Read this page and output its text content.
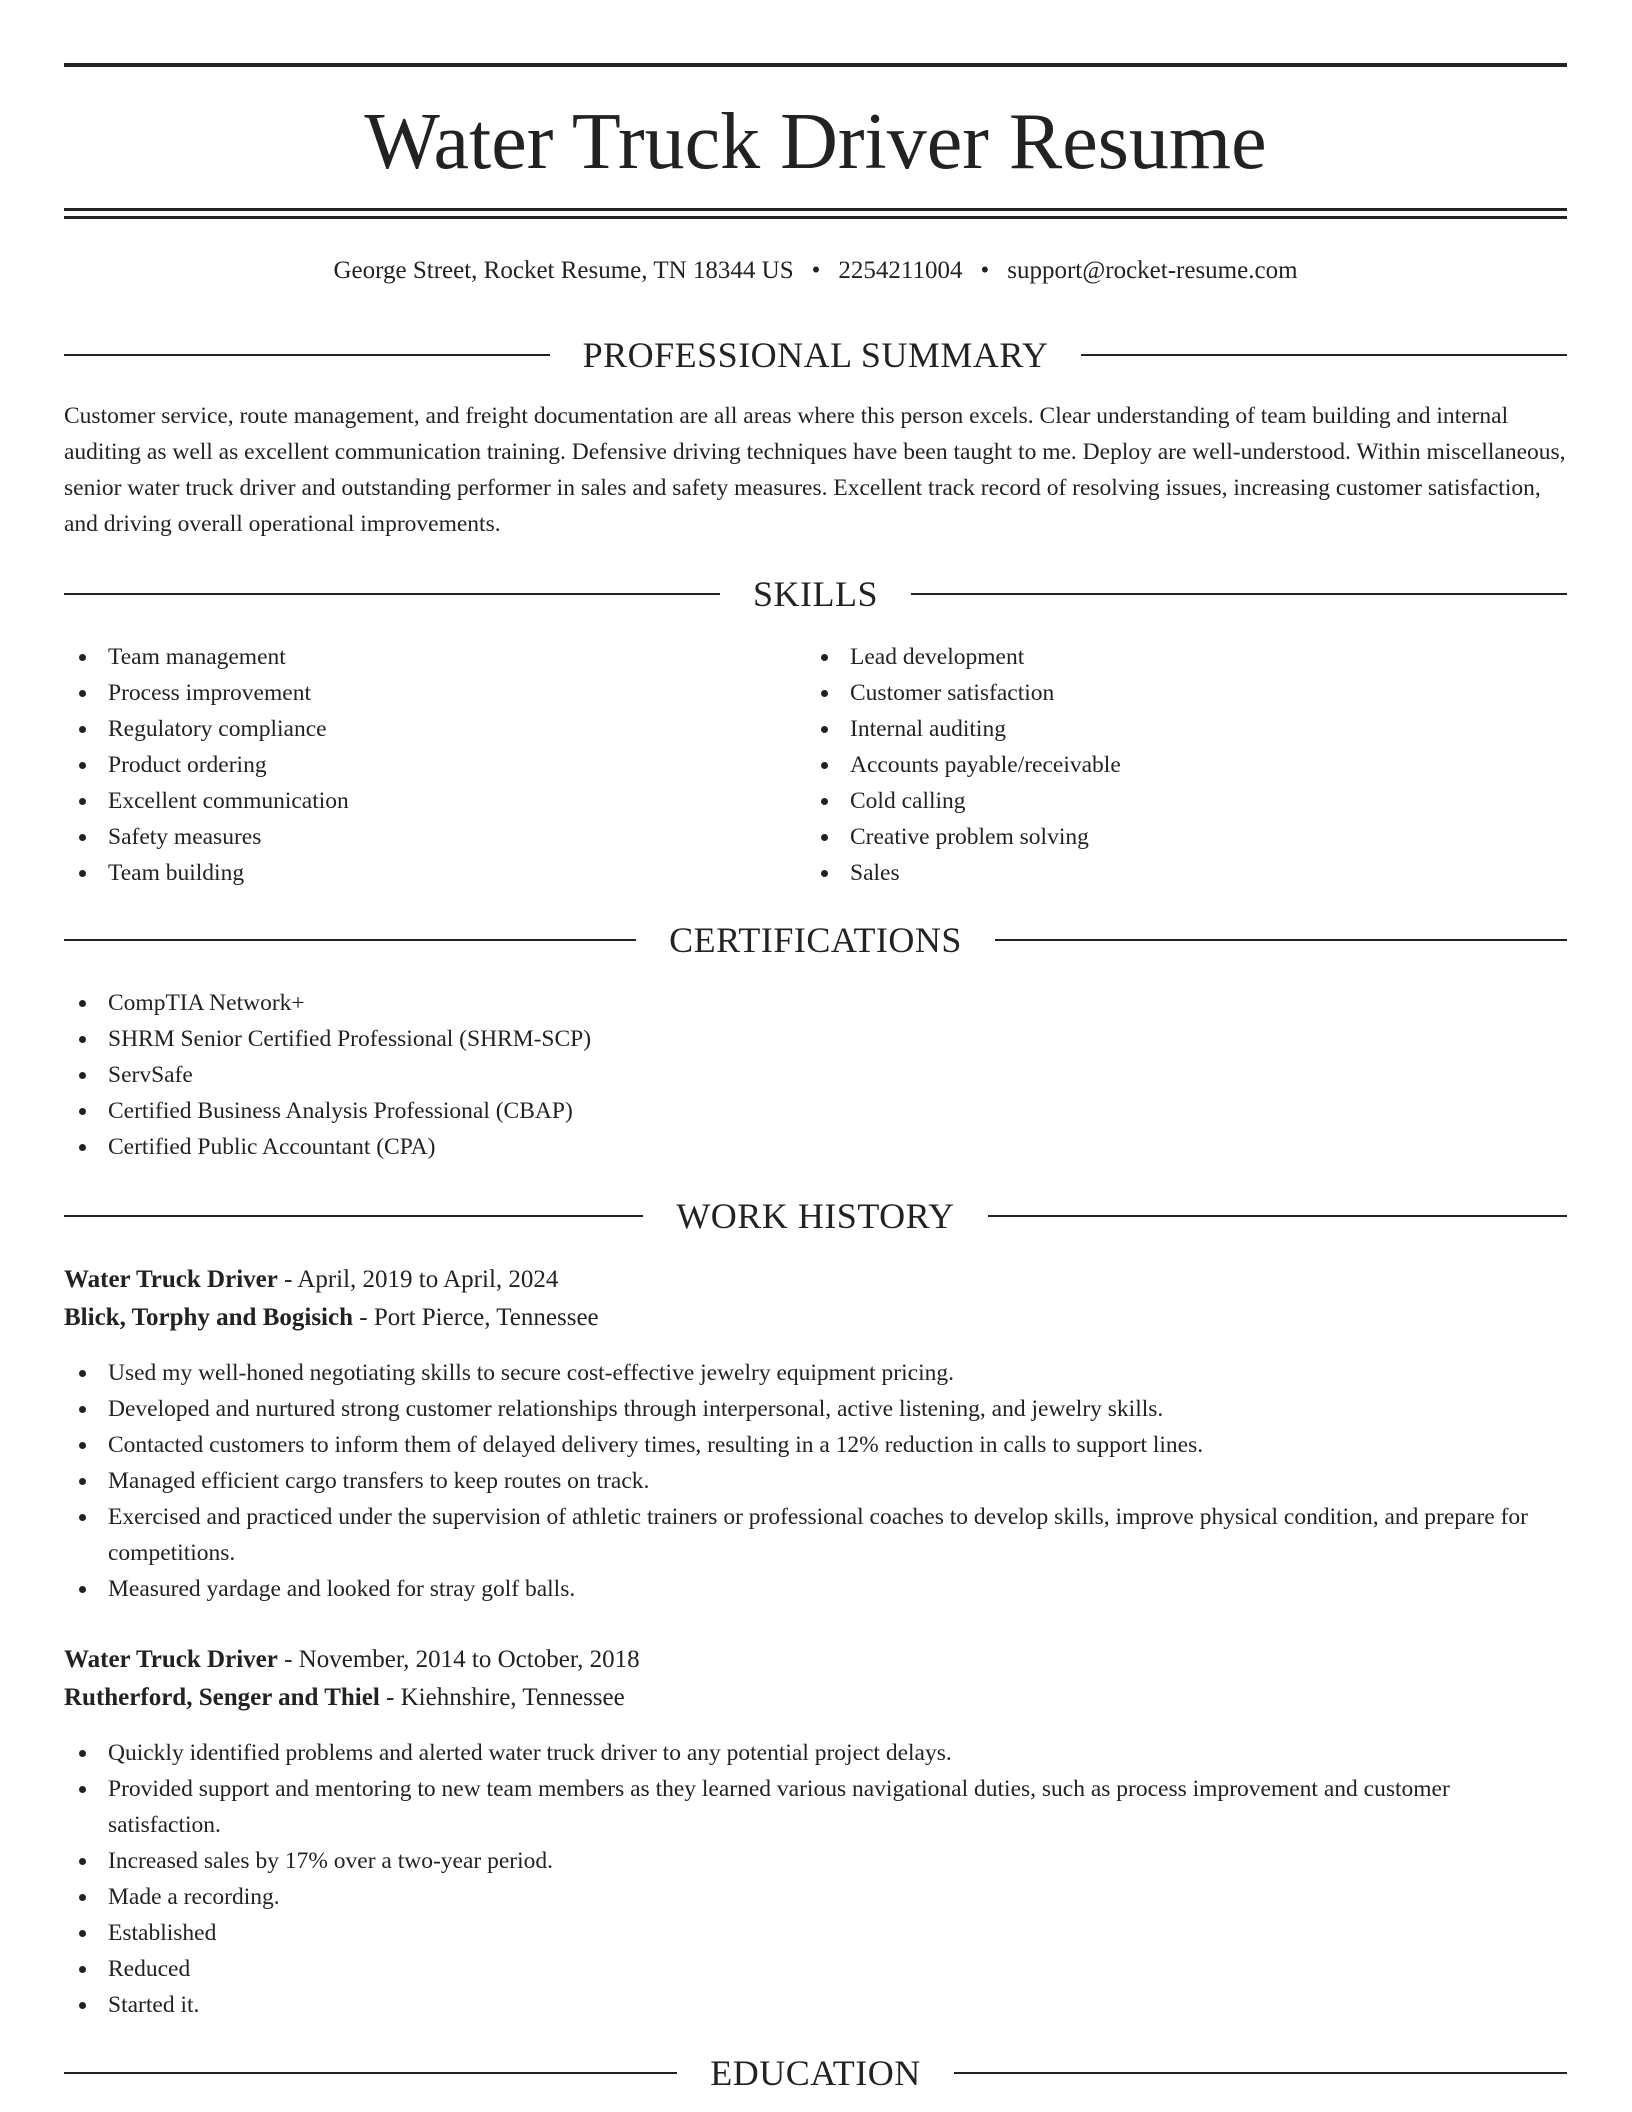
Water Truck Driver Resume
George Street, Rocket Resume, TN 18344 US • 2254211004 • support@rocket-resume.com
PROFESSIONAL SUMMARY

Customer service, route management, and freight documentation are all areas where this person excels. Clear understanding of team building and internal auditing as well as excellent communication training. Defensive driving techniques have been taught to me. Deploy are well-understood. Within miscellaneous, senior water truck driver and outstanding performer in sales and safety measures. Excellent track record of resolving issues, increasing customer satisfaction, and driving overall operational improvements.

SKILLS
Team management
Process improvement
Regulatory compliance
Product ordering
Excellent communication
Safety measures
Team building
Lead development
Customer satisfaction
Internal auditing
Accounts payable/receivable
Cold calling
Creative problem solving
Sales
CERTIFICATIONS
CompTIA Network+
SHRM Senior Certified Professional (SHRM-SCP)
ServSafe
Certified Business Analysis Professional (CBAP)
Certified Public Accountant (CPA)
WORK HISTORY
Water Truck Driver - April, 2019 to April, 2024
Blick, Torphy and Bogisich - Port Pierce, Tennessee
Used my well-honed negotiating skills to secure cost-effective jewelry equipment pricing.
Developed and nurtured strong customer relationships through interpersonal, active listening, and jewelry skills.
Contacted customers to inform them of delayed delivery times, resulting in a 12% reduction in calls to support lines.
Managed efficient cargo transfers to keep routes on track.
Exercised and practiced under the supervision of athletic trainers or professional coaches to develop skills, improve physical condition, and prepare for competitions.
Measured yardage and looked for stray golf balls.
Water Truck Driver - November, 2014 to October, 2018
Rutherford, Senger and Thiel - Kiehnshire, Tennessee
Quickly identified problems and alerted water truck driver to any potential project delays.
Provided support and mentoring to new team members as they learned various navigational duties, such as process improvement and customer satisfaction.
Increased sales by 17% over a two-year period.
Made a recording.
Established
Reduced
Started it.
EDUCATION
